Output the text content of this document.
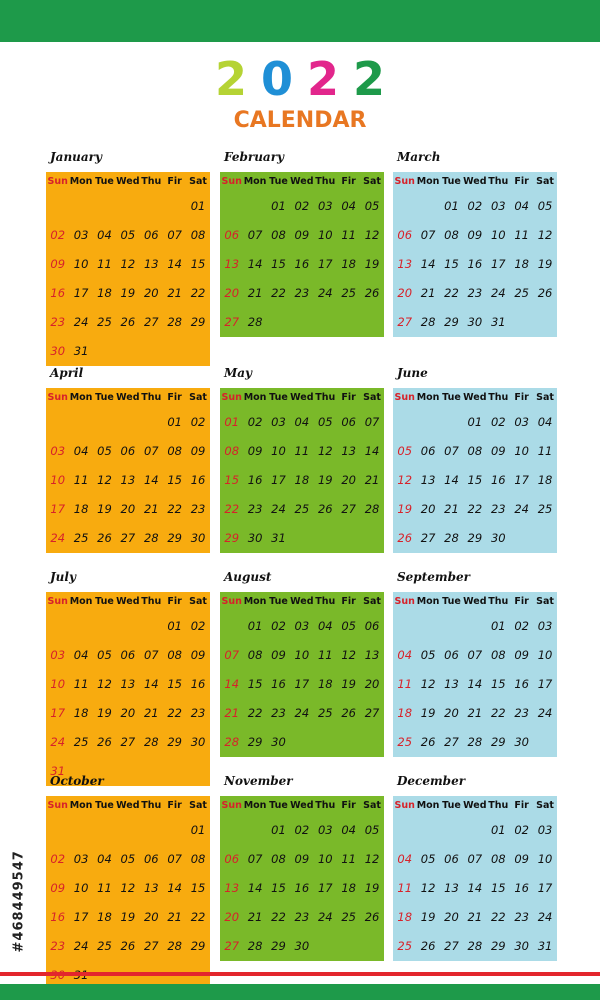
2 0 2 2
CALENDAR
January
Sun Mon Tue Wed Thu Fir Sat
01
02 03 04 05 06 07 08
09 10 11 12 13 14 15
16 17 18 19 20 21 22
23 24 25 26 27 28 29
30 31
February
Sun Mon Tue Wed Thu Fir Sat
01 02 03 04 05
06 07 08 09 10 11 12
13 14 15 16 17 18 19
20 21 22 23 24 25 26
27 28
March
Sun Mon Tue Wed Thu Fir Sat
01 02 03 04 05
06 07 08 09 10 11 12
13 14 15 16 17 18 19
20 21 22 23 24 25 26
27 28 29 30 31
April
Sun Mon Tue Wed Thu Fir Sat
01 02
03 04 05 06 07 08 09
10 11 12 13 14 15 16
17 18 19 20 21 22 23
24 25 26 27 28 29 30
May
Sun Mon Tue Wed Thu Fir Sat
01 02 03 04 05 06 07
08 09 10 11 12 13 14
15 16 17 18 19 20 21
22 23 24 25 26 27 28
29 30 31
June
Sun Mon Tue Wed Thu Fir Sat
01 02 03 04
05 06 07 08 09 10 11
12 13 14 15 16 17 18
19 20 21 22 23 24 25
26 27 28 29 30
July
Sun Mon Tue Wed Thu Fir Sat
01 02
03 04 05 06 07 08 09
10 11 12 13 14 15 16
17 18 19 20 21 22 23
24 25 26 27 28 29 30
31
August
Sun Mon Tue Wed Thu Fir Sat
01 02 03 04 05 06
07 08 09 10 11 12 13
14 15 16 17 18 19 20
21 22 23 24 25 26 27
28 29 30
September
Sun Mon Tue Wed Thu Fir Sat
01 02 03
04 05 06 07 08 09 10
11 12 13 14 15 16 17
18 19 20 21 22 23 24
25 26 27 28 29 30
October
Sun Mon Tue Wed Thu Fir Sat
01
02 03 04 05 06 07 08
09 10 11 12 13 14 15
16 17 18 19 20 21 22
23 24 25 26 27 28 29
November
Sun Mon Tue Wed Thu Fir Sat
01 02 03 04 05
06 07 08 09 10 11 12
13 14 15 16 17 18 19
20 21 22 23 24 25 26
27 28 29 30
December
Sun Mon Tue Wed Thu Fir Sat
01 02 03
04 05 06 07 08 09 10
11 12 13 14 15 16 17
18 19 20 21 22 23 24
25 26 27 28 29 30 31
#468449547
